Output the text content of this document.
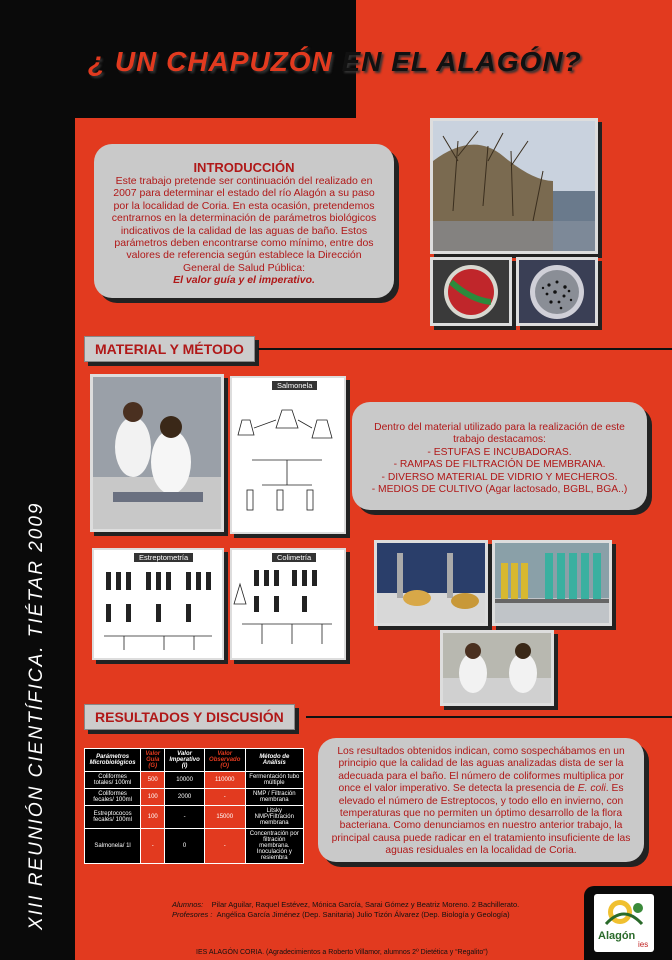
XIII REUNIÓN CIENTÍFICA. TIÉTAR 2009
¿ UN CHAPUZÓN EN EL ALAGÓN?
INTRODUCCIÓN
Este trabajo pretende ser continuación del realizado en 2007 para determinar el estado del río Alagón a su paso por la localidad de Coria. En esta ocasión, pretendemos centrarnos en la determinación de parámetros biológicos indicativos de la calidad de las aguas de baño. Estos parámetros deben encontrarse como mínimo, entre dos valores de referencia según establece la Dirección General de Salud Pública:
El valor guía y el imperativo.
MATERIAL Y MÉTODO
Salmonela
Dentro del material utilizado para la realización de este trabajo destacamos:
- ESTUFAS E INCUBADORAS.
- RAMPAS DE FILTRACIÓN DE MEMBRANA.
- DIVERSO MATERIAL DE VIDRIO Y MECHEROS.
- MEDIOS DE CULTIVO (Agar lactosado, BGBL, BGA..)
Estreptometría	Colimetría
RESULTADOS Y DISCUSIÓN
Parámetros Microbiológicos	Valor Guía (G)	Valor Imperativo (I)	Valor Observado (O)	Método de Análisis
Coliformes totales/ 100ml	500	10000	110000	Fermentación tubo múltiple
Coliformes fecales/ 100ml	100	2000	-	NMP / Filtración membrana
Estreptococos fecales/ 100ml	100	-	15000	Litsky NMP/Filtración membrana
Salmonela/ 1l	-	0	-	Concentración por filtración membrana. Inoculación y resiembra
Los resultados obtenidos indican, como sospechábamos en un principio que la calidad de las aguas analizadas dista de ser la adecuada para el baño. El número de coliformes multiplica por once el valor imperativo. Se detecta la presencia de E. coli. Es elevado el número de Estreptocos, y todo ello en invierno, con temperaturas que no permiten un óptimo desarrollo de la flora bacteriana. Como denunciamos en nuestro anterior trabajo, la principal causa puede radicar en el tratamiento insuficiente de las aguas residuales en la localidad de Coria.
Alumnos: Pilar Aguilar, Raquel Estévez, Mónica García, Sarai Gómez y Beatriz Moreno. 2 Bachillerato.
Profesores : Angélica García Jiménez (Dep. Sanitaria) Julio Tizón Álvarez (Dep. Biología y Geología)
IES ALAGÓN CORIA. (Agradecimientos a Roberto Villamor, alumnos 2º Dietética y “Regalito”)
Alagón
ies
